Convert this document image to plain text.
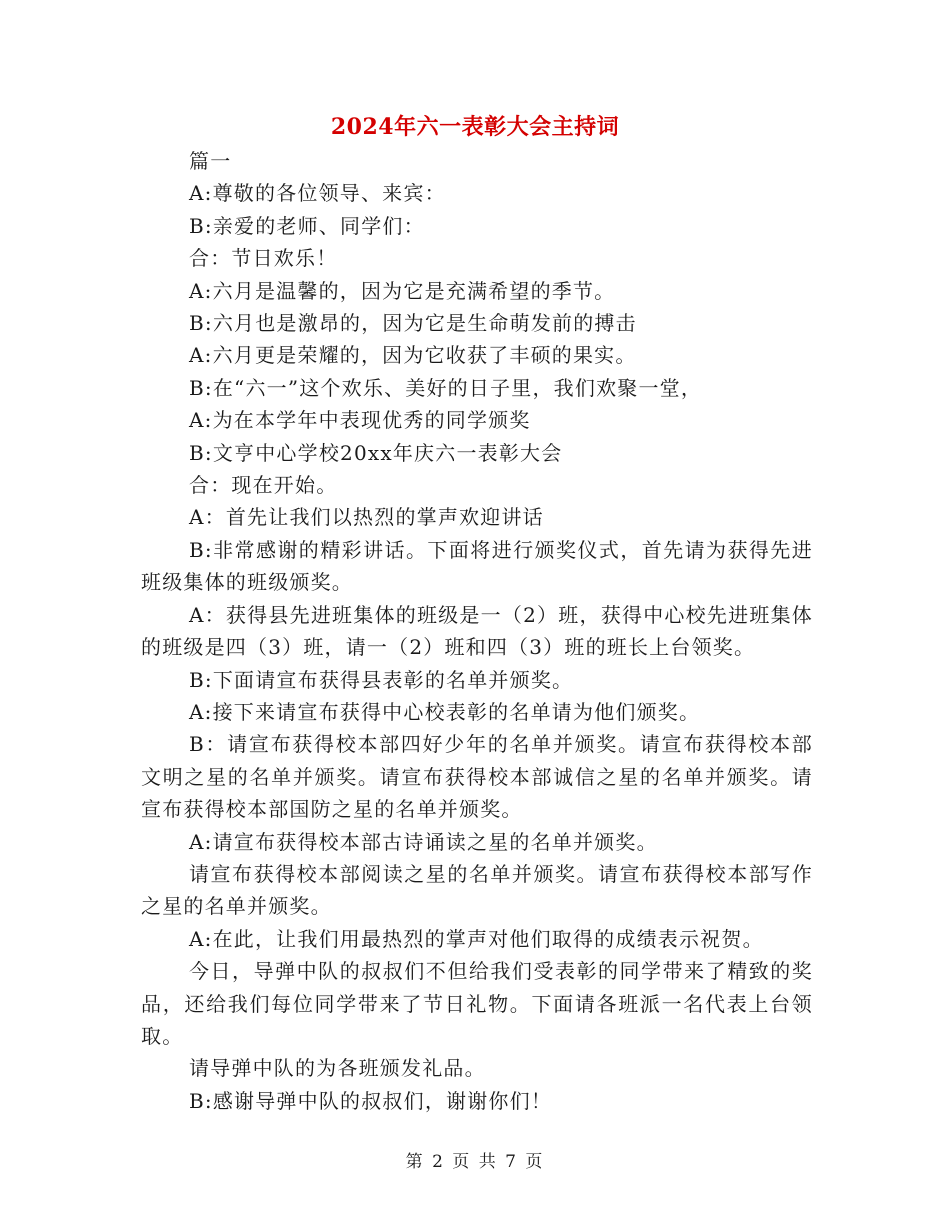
2024年六一表彰大会主持词

篇一

A:尊敬的各位领导、来宾：

B:亲爱的老师、同学们：

合：节日欢乐！

A:六月是温馨的，因为它是充满希望的季节。

B:六月也是激昂的，因为它是生命萌发前的搏击

A:六月更是荣耀的，因为它收获了丰硕的果实。

B:在“六一”这个欢乐、美好的日子里，我们欢聚一堂，

A:为在本学年中表现优秀的同学颁奖

B:文亨中心学校20xx年庆六一表彰大会

合：现在开始。

A：首先让我们以热烈的掌声欢迎讲话

B:非常感谢的精彩讲话。下面将进行颁奖仪式，首先请为获得先进班级集体的班级颁奖。

A：获得县先进班集体的班级是一（2）班，获得中心校先进班集体的班级是四（3）班，请一（2）班和四（3）班的班长上台领奖。

B:下面请宣布获得县表彰的名单并颁奖。

A:接下来请宣布获得中心校表彰的名单请为他们颁奖。

B：请宣布获得校本部四好少年的名单并颁奖。请宣布获得校本部文明之星的名单并颁奖。请宣布获得校本部诚信之星的名单并颁奖。请宣布获得校本部国防之星的名单并颁奖。

A:请宣布获得校本部古诗诵读之星的名单并颁奖。

请宣布获得校本部阅读之星的名单并颁奖。请宣布获得校本部写作之星的名单并颁奖。

A:在此，让我们用最热烈的掌声对他们取得的成绩表示祝贺。

今日，导弹中队的叔叔们不但给我们受表彰的同学带来了精致的奖品，还给我们每位同学带来了节日礼物。下面请各班派一名代表上台领取。

请导弹中队的为各班颁发礼品。

B:感谢导弹中队的叔叔们，谢谢你们！

第 2 页 共 7 页
